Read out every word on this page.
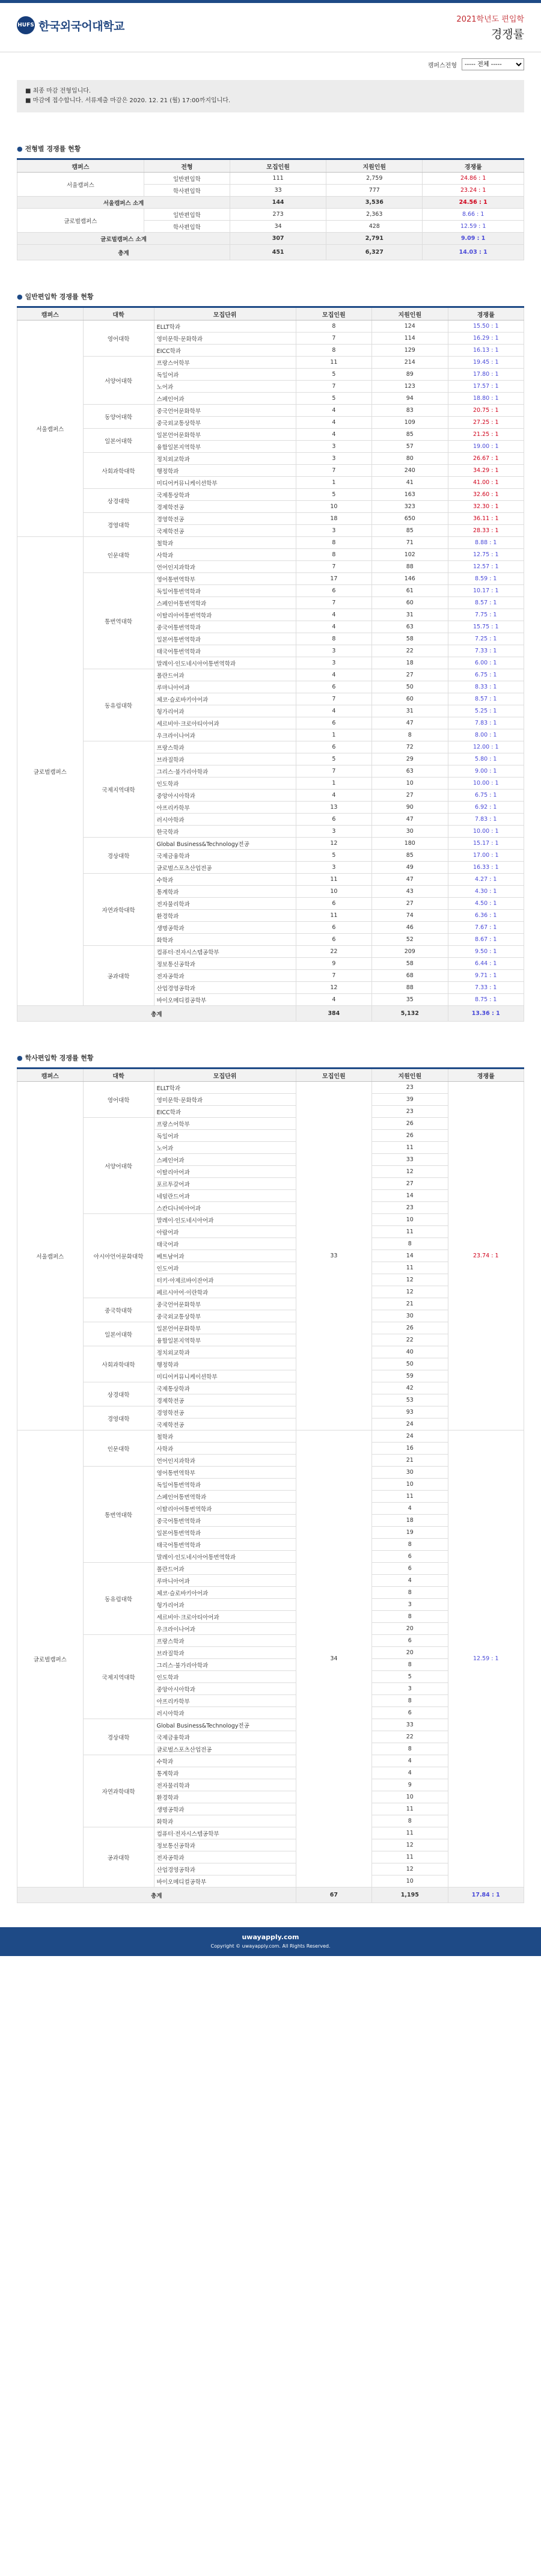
HUFS 한국외국어대학교	2021학년도 편입학
경쟁률
캠퍼스전형
----- 전체 -----
■ 최종 마감 전형입니다.
■ 마감에 접수합니다. 서류제출 마감은 2020. 12. 21 (월) 17:00까지입니다.
● 전형별 경쟁률 현황
캠퍼스	전형	모집인원	지원인원	경쟁률
서울캠퍼스	일반편입학	111	2,759	24.86 : 1
	학사편입학	33	777	23.24 : 1
서울캠퍼스 소계		144	3,536	24.56 : 1
글로벌캠퍼스	일반편입학	273	2,363	8.66 : 1
	학사편입학	34	428	12.59 : 1
글로벌캠퍼스 소계		307	2,791	9.09 : 1
총계		451	6,327	14.03 : 1
● 일반편입학 경쟁률 현황
캠퍼스	대학	모집단위	모집인원	지원인원	경쟁률
서울캠퍼스	영어대학	ELLT학과	8	124	15.50 : 1
		영미문학·문화학과	7	114	16.29 : 1
		EICC학과	8	129	16.13 : 1
	서양어대학	프랑스어학부	11	214	19.45 : 1
		독일어과	5	89	17.80 : 1
		노어과	7	123	17.57 : 1
		스페인어과	5	94	18.80 : 1
	동양어대학	중국언어문화학부	4	83	20.75 : 1
		중국외교통상학부	4	109	27.25 : 1
	일본어대학	일본언어문화학부	4	85	21.25 : 1
		융합일본지역학부	3	57	19.00 : 1
	사회과학대학	정치외교학과	3	80	26.67 : 1
		행정학과	7	240	34.29 : 1
		미디어커뮤니케이션학부	1	41	41.00 : 1
	상경대학	국제통상학과	5	163	32.60 : 1
		경제학전공	10	323	32.30 : 1
	경영대학	경영학전공	18	650	36.11 : 1
		국제학전공	3	85	28.33 : 1
글로벌캠퍼스	인문대학	철학과	8	71	8.88 : 1
		사학과	8	102	12.75 : 1
		언어인지과학과	7	88	12.57 : 1
	통번역대학	영어통번역학부	17	146	8.59 : 1
		독일어통번역학과	6	61	10.17 : 1
		스페인어통번역학과	7	60	8.57 : 1
		이탈리아어통번역학과	4	31	7.75 : 1
		중국어통번역학과	4	63	15.75 : 1
		일본어통번역학과	8	58	7.25 : 1
		태국어통번역학과	3	22	7.33 : 1
		말레이·인도네시아어통번역학과	3	18	6.00 : 1
	동유럽대학	폴란드어과	4	27	6.75 : 1
		루마니아어과	6	50	8.33 : 1
		체코·슬로바키아어과	7	60	8.57 : 1
		헝가리어과	4	31	5.25 : 1
		세르비아·크로아티아어과	6	47	7.83 : 1
		우크라이나어과	1	8	8.00 : 1
	국제지역대학	프랑스학과	6	72	12.00 : 1
		브라질학과	5	29	5.80 : 1
		그리스·불가리아학과	7	63	9.00 : 1
		인도학과	1	10	10.00 : 1
		중앙아시아학과	4	27	6.75 : 1
		아프리카학부	13	90	6.92 : 1
		러시아학과	6	47	7.83 : 1
		한국학과	3	30	10.00 : 1
	경상대학	Global Business&Technology전공	12	180	15.17 : 1
		국제금융학과	5	85	17.00 : 1
		글로벌스포츠산업전공	3	49	16.33 : 1
	자연과학대학	수학과	11	47	4.27 : 1
		통계학과	10	43	4.30 : 1
		전자물리학과	6	27	4.50 : 1
		환경학과	11	74	6.36 : 1
		생명공학과	6	46	7.67 : 1
		화학과	6	52	8.67 : 1
	공과대학	컴퓨터·전자시스템공학부	22	209	9.50 : 1
		정보통신공학과	9	58	6.44 : 1
		전자공학과	7	68	9.71 : 1
		산업경영공학과	12	88	7.33 : 1
		바이오메디컬공학부	4	35	8.75 : 1
총계			384	5,132	13.36 : 1
● 학사편입학 경쟁률 현황
캠퍼스	대학	모집단위	모집인원	지원인원	경쟁률
서울캠퍼스	영어대학	ELLT학과	33	23	23.74 : 1
		영미문학·문화학과		39	
		EICC학과		23	
	서양어대학	프랑스어학부		26	
		독일어과		26	
		노어과		11	
		스페인어과		33	
		이탈리아어과		12	
		포르투갈어과		27	
		네덜란드어과		14	
		스칸디나비아어과		23	
	아시아언어문화대학	말레이·인도네시아어과		10	
		아랍어과		11	
		태국어과		8	
		베트남어과		14	
		인도어과		11	
		터키·아제르바이잔어과		12	
		페르시아어·이란학과		12	
	중국학대학	중국언어문화학부		21	
		중국외교통상학부		30	
	일본어대학	일본언어문화학부		26	
		융합일본지역학부		22	
	사회과학대학	정치외교학과		40	
		행정학과		50	
		미디어커뮤니케이션학부		59	
	상경대학	국제통상학과		42	
		경제학전공		53	
	경영대학	경영학전공		93	
		국제학전공		24	
글로벌캠퍼스	인문대학	철학과	34	24	12.59 : 1
		사학과		16	
		언어인지과학과		21	
	통번역대학	영어통번역학부		30	
		독일어통번역학과		10	
		스페인어통번역학과		11	
		이탈리아어통번역학과		4	
		중국어통번역학과		18	
		일본어통번역학과		19	
		태국어통번역학과		8	
		말레이·인도네시아어통번역학과		6	
	동유럽대학	폴란드어과		6	
		루마니아어과		4	
		체코·슬로바키아어과		8	
		헝가리어과		3	
		세르비아·크로아티아어과		8	
		우크라이나어과		20	
	국제지역대학	프랑스학과		6	
		브라질학과		20	
		그리스·불가리아학과		8	
		인도학과		5	
		중앙아시아학과		3	
		아프리카학부		8	
		러시아학과		6	
	경상대학	Global Business&Technology전공		33	
		국제금융학과		22	
		글로벌스포츠산업전공		8	
	자연과학대학	수학과		4	
		통계학과		4	
		전자물리학과		9	
		환경학과		10	
		생명공학과		11	
		화학과		8	
	공과대학	컴퓨터·전자시스템공학부		11	
		정보통신공학과		12	
		전자공학과		11	
		산업경영공학과		12	
		바이오메디컬공학부		10	
총계			67	1,195	17.84 : 1
uwayapply.com
Copyright © uwayapply.com. All Rights Reserved.
